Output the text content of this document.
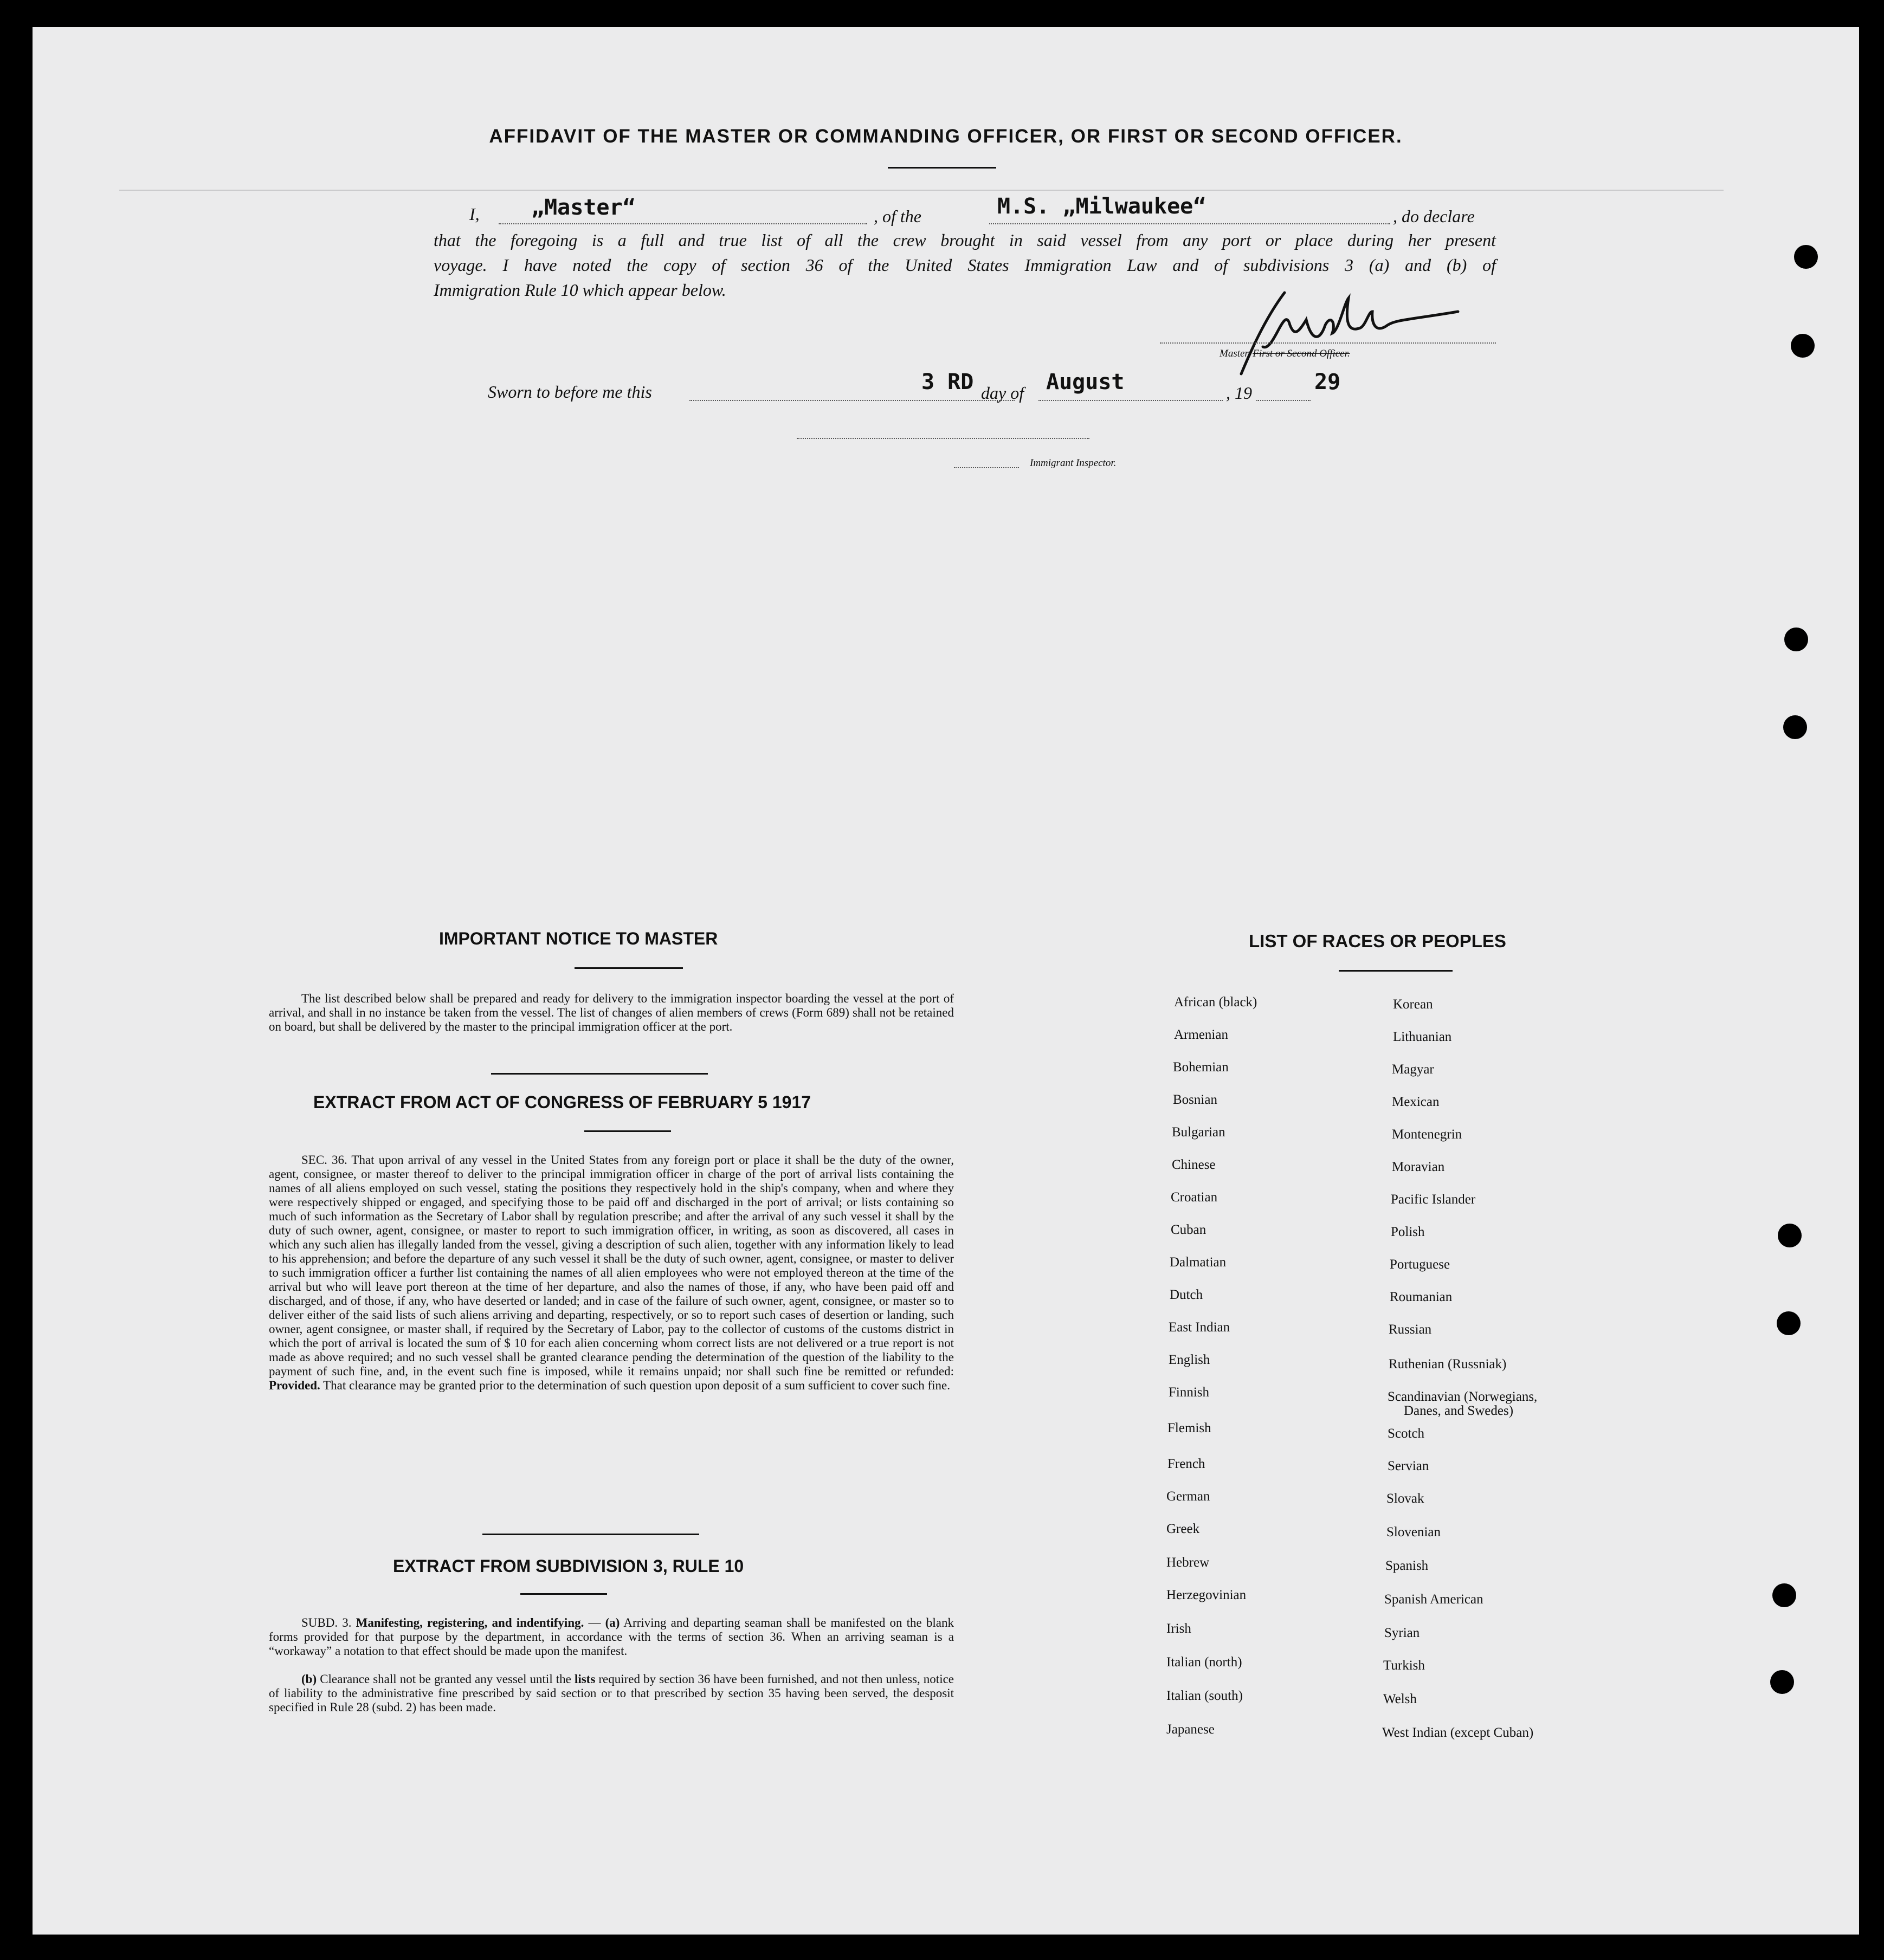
AFFIDAVIT OF THE MASTER OR COMMANDING OFFICER, OR FIRST OR SECOND OFFICER.
I, „Master“	, of the	M.S. „Milwaukee“	, do declare
that the foregoing is a full and true list of all the crew brought in said vessel from any port or place during her present
voyage. I have noted the copy of section 36 of the United States Immigration Law and of subdivisions 3 (a) and (b) of
Immigration Rule 10 which appear below.
Master, First or Second Officer.
Sworn to before me this	3 RD day of August	, 19	29
Immigrant Inspector.
IMPORTANT NOTICE TO MASTER
The list described below shall be prepared and ready for delivery to the immigration inspector boarding the vessel at the port of arrival, and shall in no instance be taken from the vessel. The list of changes of alien members of crews (Form 689) shall not be retained on board, but shall be delivered by the master to the principal immigration officer at the port.
EXTRACT FROM ACT OF CONGRESS OF FEBRUARY 5 1917
SEC. 36. That upon arrival of any vessel in the United States from any foreign port or place it shall be the duty of the owner, agent, consignee, or master thereof to deliver to the principal immigration officer in charge of the port of arrival lists containing the names of all aliens employed on such vessel, stating the positions they respectively hold in the ship's company, when and where they were respectively shipped or engaged, and specifying those to be paid off and discharged in the port of arrival; or lists containing so much of such information as the Secretary of Labor shall by regulation prescribe; and after the arrival of any such vessel it shall by the duty of such owner, agent, consignee, or master to report to such immigration officer, in writing, as soon as discovered, all cases in which any such alien has illegally landed from the vessel, giving a description of such alien, together with any information likely to lead to his apprehension; and before the departure of any such vessel it shall be the duty of such owner, agent, consignee, or master to deliver to such immigration officer a further list containing the names of all alien employees who were not employed thereon at the time of the arrival but who will leave port thereon at the time of her departure, and also the names of those, if any, who have been paid off and discharged, and of those, if any, who have deserted or landed; and in case of the failure of such owner, agent, consignee, or master so to deliver either of the said lists of such aliens arriving and departing, respectively, or so to report such cases of desertion or landing, such owner, agent consignee, or master shall, if required by the Secretary of Labor, pay to the collector of customs of the customs district in which the port of arrival is located the sum of $ 10 for each alien concerning whom correct lists are not delivered or a true report is not made as above required; and no such vessel shall be granted clearance pending the determination of the question of the liability to the payment of such fine, and, in the event such fine is imposed, while it remains unpaid; nor shall such fine be remitted or refunded: Provided. That clearance may be granted prior to the determination of such question upon deposit of a sum sufficient to cover such fine.
EXTRACT FROM SUBDIVISION 3, RULE 10
SUBD. 3. Manifesting, registering, and indentifying. — (a) Arriving and departing seaman shall be manifested on the blank forms provided for that purpose by the department, in accordance with the terms of section 36. When an arriving seaman is a “workaway” a notation to that effect should be made upon the manifest.
(b) Clearance shall not be granted any vessel until the lists required by section 36 have been furnished, and not then unless, notice of liability to the administrative fine prescribed by said section or to that prescribed by section 35 having been served, the desposit specified in Rule 28 (subd. 2) has been made.
LIST OF RACES OR PEOPLES
African (black)
Armenian
Bohemian
Bosnian
Bulgarian
Chinese
Croatian
Cuban
Dalmatian
Dutch
East Indian
English
Finnish
Flemish
French
German
Greek
Hebrew
Herzegovinian
Irish
Italian (north)
Italian (south)
Japanese
Korean
Lithuanian
Magyar
Mexican
Montenegrin
Moravian
Pacific Islander
Polish
Portuguese
Roumanian
Russian
Ruthenian (Russniak)
Scandinavian (Norwegians,
Danes, and Swedes)
Scotch
Servian
Slovak
Slovenian
Spanish
Spanish American
Syrian
Turkish
Welsh
West Indian (except Cuban)
